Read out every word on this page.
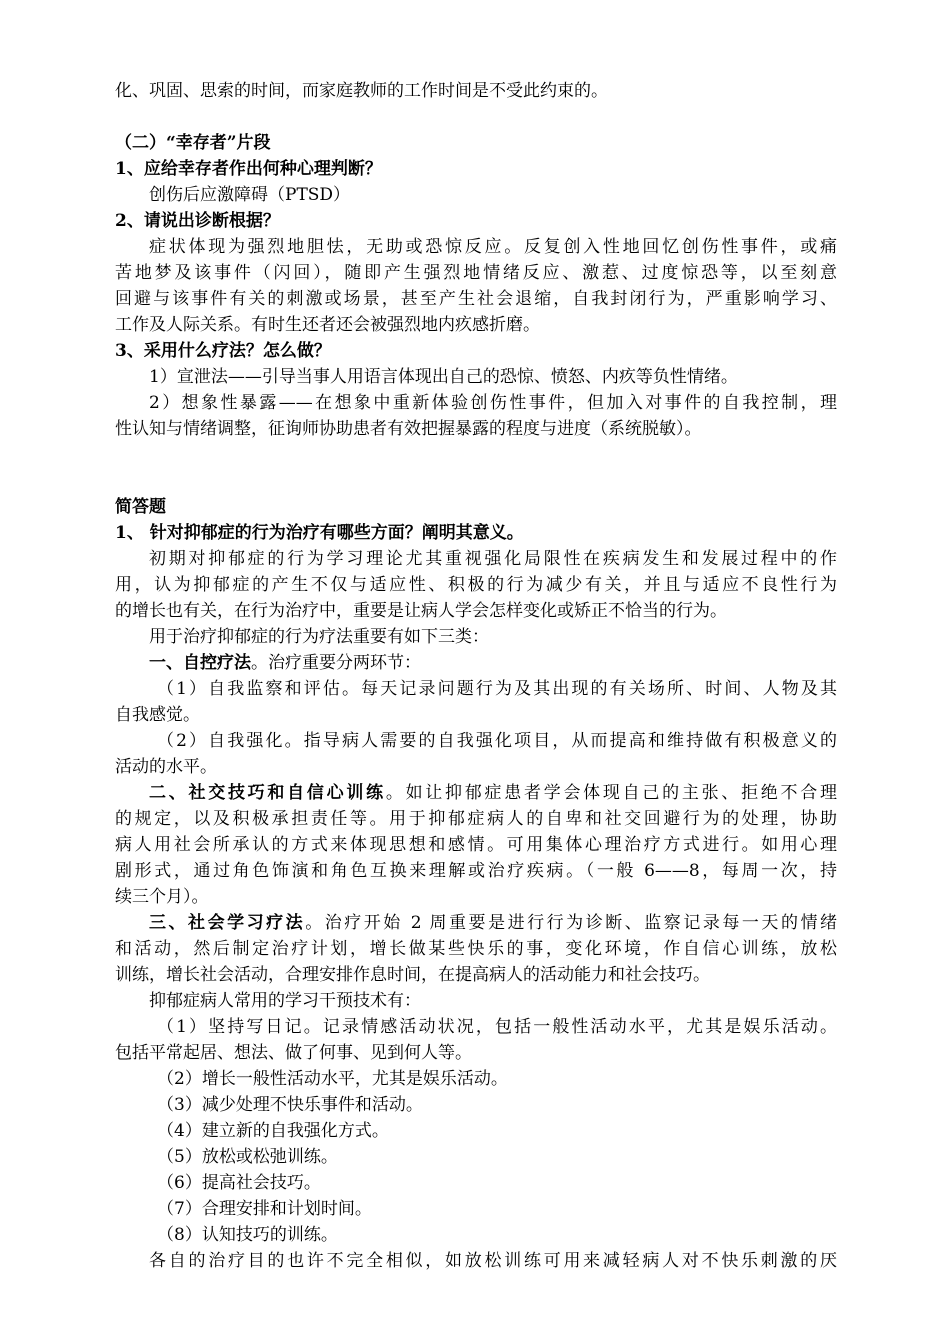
化、巩固、思索的时间，而家庭教师的工作时间是不受此约束的。
（二）“幸存者”片段
1、应给幸存者作出何种心理判断？
创伤后应激障碍（PTSD）
2、请说出诊断根据？
症状体现为强烈地胆怯，无助或恐惊反应。反复创入性地回忆创伤性事件，或痛
苦地梦及该事件（闪回），随即产生强烈地情绪反应、激惹、过度惊恐等，以至刻意
回避与该事件有关的刺激或场景，甚至产生社会退缩，自我封闭行为，严重影响学习、
工作及人际关系。有时生还者还会被强烈地内疚感折磨。
3、采用什么疗法？怎么做？
1）宣泄法——引导当事人用语言体现出自己的恐惊、愤怒、内疚等负性情绪。
2）想象性暴露——在想象中重新体验创伤性事件，但加入对事件的自我控制，理
性认知与情绪调整，征询师协助患者有效把握暴露的程度与进度（系统脱敏）。
简答题
1、 针对抑郁症的行为治疗有哪些方面？阐明其意义。
初期对抑郁症的行为学习理论尤其重视强化局限性在疾病发生和发展过程中的作
用，认为抑郁症的产生不仅与适应性、积极的行为减少有关，并且与适应不良性行为
的增长也有关，在行为治疗中，重要是让病人学会怎样变化或矫正不恰当的行为。
用于治疗抑郁症的行为疗法重要有如下三类：
一、自控疗法。治疗重要分两环节：
（1）自我监察和评估。每天记录问题行为及其出现的有关场所、时间、人物及其
自我感觉。
（2）自我强化。指导病人需要的自我强化项目，从而提高和维持做有积极意义的
活动的水平。
二、社交技巧和自信心训练。如让抑郁症患者学会体现自己的主张、拒绝不合理
的规定，以及积极承担责任等。用于抑郁症病人的自卑和社交回避行为的处理，协助
病人用社会所承认的方式来体现思想和感情。可用集体心理治疗方式进行。如用心理
剧形式，通过角色饰演和角色互换来理解或治疗疾病。（一般 6——8，每周一次，持
续三个月）。
三、社会学习疗法。治疗开始 2 周重要是进行行为诊断、监察记录每一天的情绪
和活动，然后制定治疗计划，增长做某些快乐的事，变化环境，作自信心训练，放松
训练，增长社会活动，合理安排作息时间，在提高病人的活动能力和社会技巧。
抑郁症病人常用的学习干预技术有：
（1）坚持写日记。记录情感活动状况，包括一般性活动水平，尤其是娱乐活动。
包括平常起居、想法、做了何事、见到何人等。
（2）增长一般性活动水平，尤其是娱乐活动。
（3）减少处理不快乐事件和活动。
（4）建立新的自我强化方式。
（5）放松或松弛训练。
（6）提高社会技巧。
（7）合理安排和计划时间。
（8）认知技巧的训练。
各自的治疗目的也许不完全相似，如放松训练可用来减轻病人对不快乐刺激的厌
